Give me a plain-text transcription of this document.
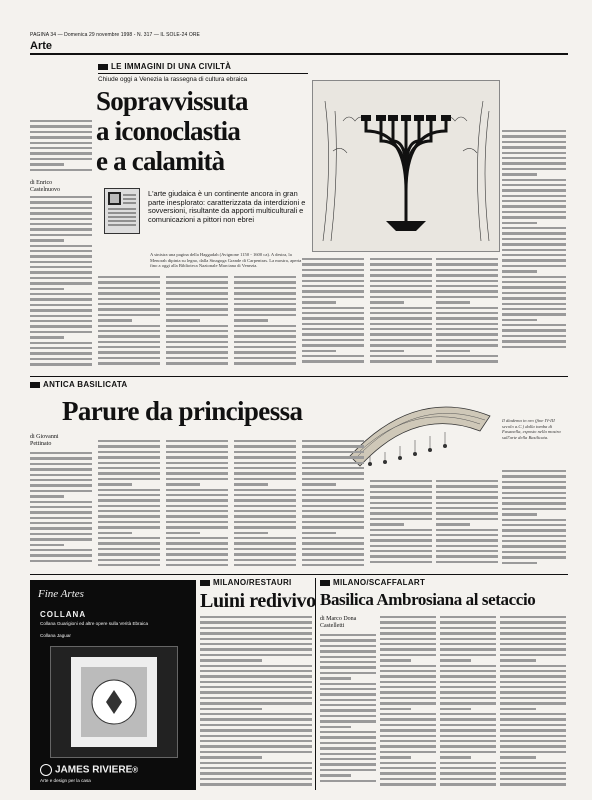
PAGINA 34 — Domenica 29 novembre 1998 - N. 317 — IL SOLE-24 ORE
Arte
LE IMMAGINI DI UNA CIVILTÀ
Chiude oggi a Venezia la rassegna di cultura ebraica
Sopravvissuta
a iconoclastia
e a calamità
L'arte giudaica è un continente ancora in gran parte inesplorato: caratterizzata da interdizioni e sovversioni, risultante da apporti multiculturali e comunicazioni a pittori non ebrei
di Enrico
Castelnuovo
A sinistra una pagina della Haggadah (Avignone 1150 - 1600 ca). A destra, la Menorah dipinta su legno, dalla Sinagoga Grande di Carpentras. La mostra, aperta fino a oggi alla Biblioteca Nazionale Marciana di Venezia.
ANTICA BASILICATA
Parure da principessa
di Giovanni
Pettinato
Il diadema in oro (fine IV-III secolo a.C.) dalla tomba di Fasanella, esposto nella mostra sull'arte della Basilicata.
Fine Artes
COLLANA
Collana Guarigioni ed altre opere sulla Verità Ebraica
Collana Jaguar
JAMES RIVIERE®
Arte e design per la casa
MILANO/RESTAURI
Luini redivivo
MILANO/SCAFFALART
Basilica Ambrosiana al setaccio
di Marco Dona
Castelletti
